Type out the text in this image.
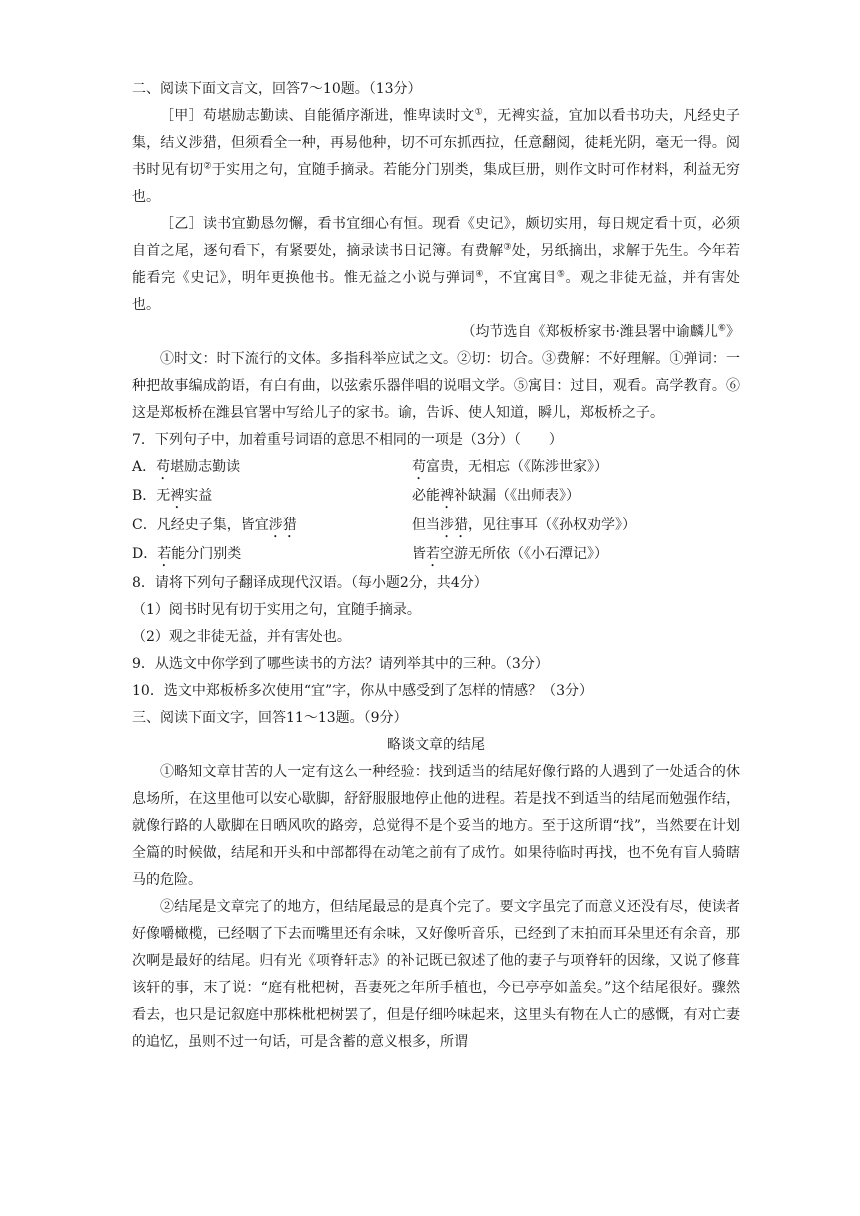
二、阅读下面文言文，回答7～10题。（13分）

［甲］苟堪励志勤读、自能循序渐进，惟卑读时文①，无裨实益，宜加以看书功夫，凡经史子集，结义涉猎，但须看全一种，再易他种，切不可东抓西拉，任意翻阅，徒耗光阴，毫无一得。阅书时见有切②于实用之句，宜随手摘录。若能分门别类，集成巨册，则作文时可作材料，利益无穷也。

［乙］读书宜勤恳勿懈，看书宜细心有恒。现看《史记》，颇切实用，每日规定看十页，必须自首之尾，逐句看下，有紧要处，摘录读书日记簿。有费解③处，另纸摘出，求解于先生。今年若能看完《史记》，明年更换他书。惟无益之小说与弹词④，不宜寓目⑤。观之非徒无益，并有害处也。

（均节选自《郑板桥家书·潍县署中谕麟儿⑥》

①时文：时下流行的文体。多指科举应试之文。②切：切合。③费解：不好理解。①弹词：一种把故事编成韵语，有白有曲，以弦索乐器伴唱的说唱文学。⑤寓目：过目，观看。高学教育。⑥这是郑板桥在潍县官署中写给儿子的家书。谕，告诉、使人知道，瞬儿，郑板桥之子。

7．下列句子中，加着重号词语的意思不相同的一项是（3分）（　　）
A．苟堪励志勤读	苟富贵，无相忘（《陈涉世家》）
B．无裨实益	必能裨补缺漏（《出师表》）
C．凡经史子集，皆宜涉猎	但当涉猎，见往事耳（《孙权劝学》）
D．若能分门别类	皆若空游无所依（《小石潭记》）
8．请将下列句子翻译成现代汉语。（每小题2分，共4分）
（1）阅书时见有切于实用之句，宜随手摘录。
（2）观之非徒无益，并有害处也。
9．从选文中你学到了哪些读书的方法？请列举其中的三种。（3分）
10．选文中郑板桥多次使用“宜”字，你从中感受到了怎样的情感？（3分）
三、阅读下面文字，回答11～13题。（9分）
略谈文章的结尾

①略知文章甘苦的人一定有这么一种经验：找到适当的结尾好像行路的人遇到了一处适合的休息场所，在这里他可以安心歇脚，舒舒服服地停止他的进程。若是找不到适当的结尾而勉强作结，就像行路的人歇脚在日晒风吹的路旁，总觉得不是个妥当的地方。至于这所谓“找”，当然要在计划全篇的时候做，结尾和开头和中部都得在动笔之前有了成竹。如果待临时再找，也不免有盲人骑瞎马的危险。

②结尾是文章完了的地方，但结尾最忌的是真个完了。要文字虽完了而意义还没有尽，使读者好像嚼橄榄，已经咽了下去而嘴里还有余味，又好像听音乐，已经到了末拍而耳朵里还有余音，那次啊是最好的结尾。归有光《项脊轩志》的补记既已叙述了他的妻子与项脊轩的因缘，又说了修葺该轩的事，末了说：“庭有枇杷树，吾妻死之年所手植也，今已亭亭如盖矣。”这个结尾很好。骤然看去，也只是记叙庭中那株枇杷树罢了，但是仔细吟味起来，这里头有物在人亡的感慨，有对亡妻的追忆，虽则不过一句话，可是含蓄的意义根多，所谓
